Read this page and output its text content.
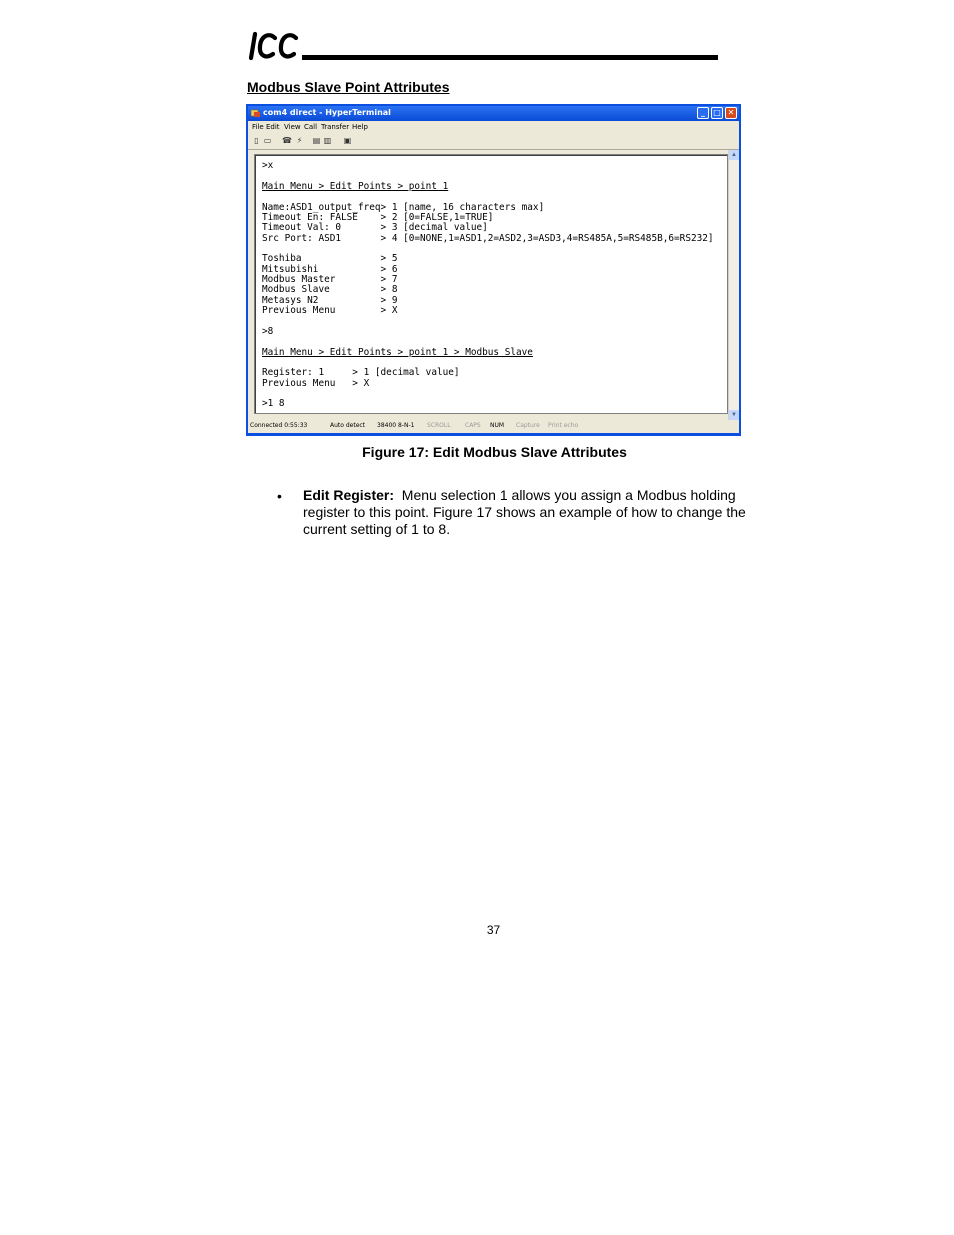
Modbus Slave Point Attributes
com4 direct - HyperTerminal	_	□ ✕
File Edit View Call Transfer Help
▯ ▭ ☎ ⚡ ▤ ▥ ▣
>x
Main Menu > Edit Points > point 1
Name:ASD1_output_freq> 1 [name, 16 characters max]
Timeout En: FALSE    > 2 [0=FALSE,1=TRUE]
Timeout Val: 0       > 3 [decimal value]
Src Port: ASD1       > 4 [0=NONE,1=ASD1,2=ASD2,3=ASD3,4=RS485A,5=RS485B,6=RS232]
Toshiba              > 5
Mitsubishi           > 6
Modbus Master        > 7
Modbus Slave         > 8
Metasys N2           > 9
Previous Menu        > X
>8
Main Menu > Edit Points > point 1 > Modbus Slave
Register: 1     > 1 [decimal value]
Previous Menu   > X
>1 8
▲
▼
Connected 0:55:33	Auto detect 38400 8-N-1 SCROLL CAPS NUM Capture Print echo
Figure 17: Edit Modbus Slave Attributes
• Edit Register: Menu selection 1 allows you assign a Modbus holding register to this point. Figure 17 shows an example of how to change the current setting of 1 to 8.
37
